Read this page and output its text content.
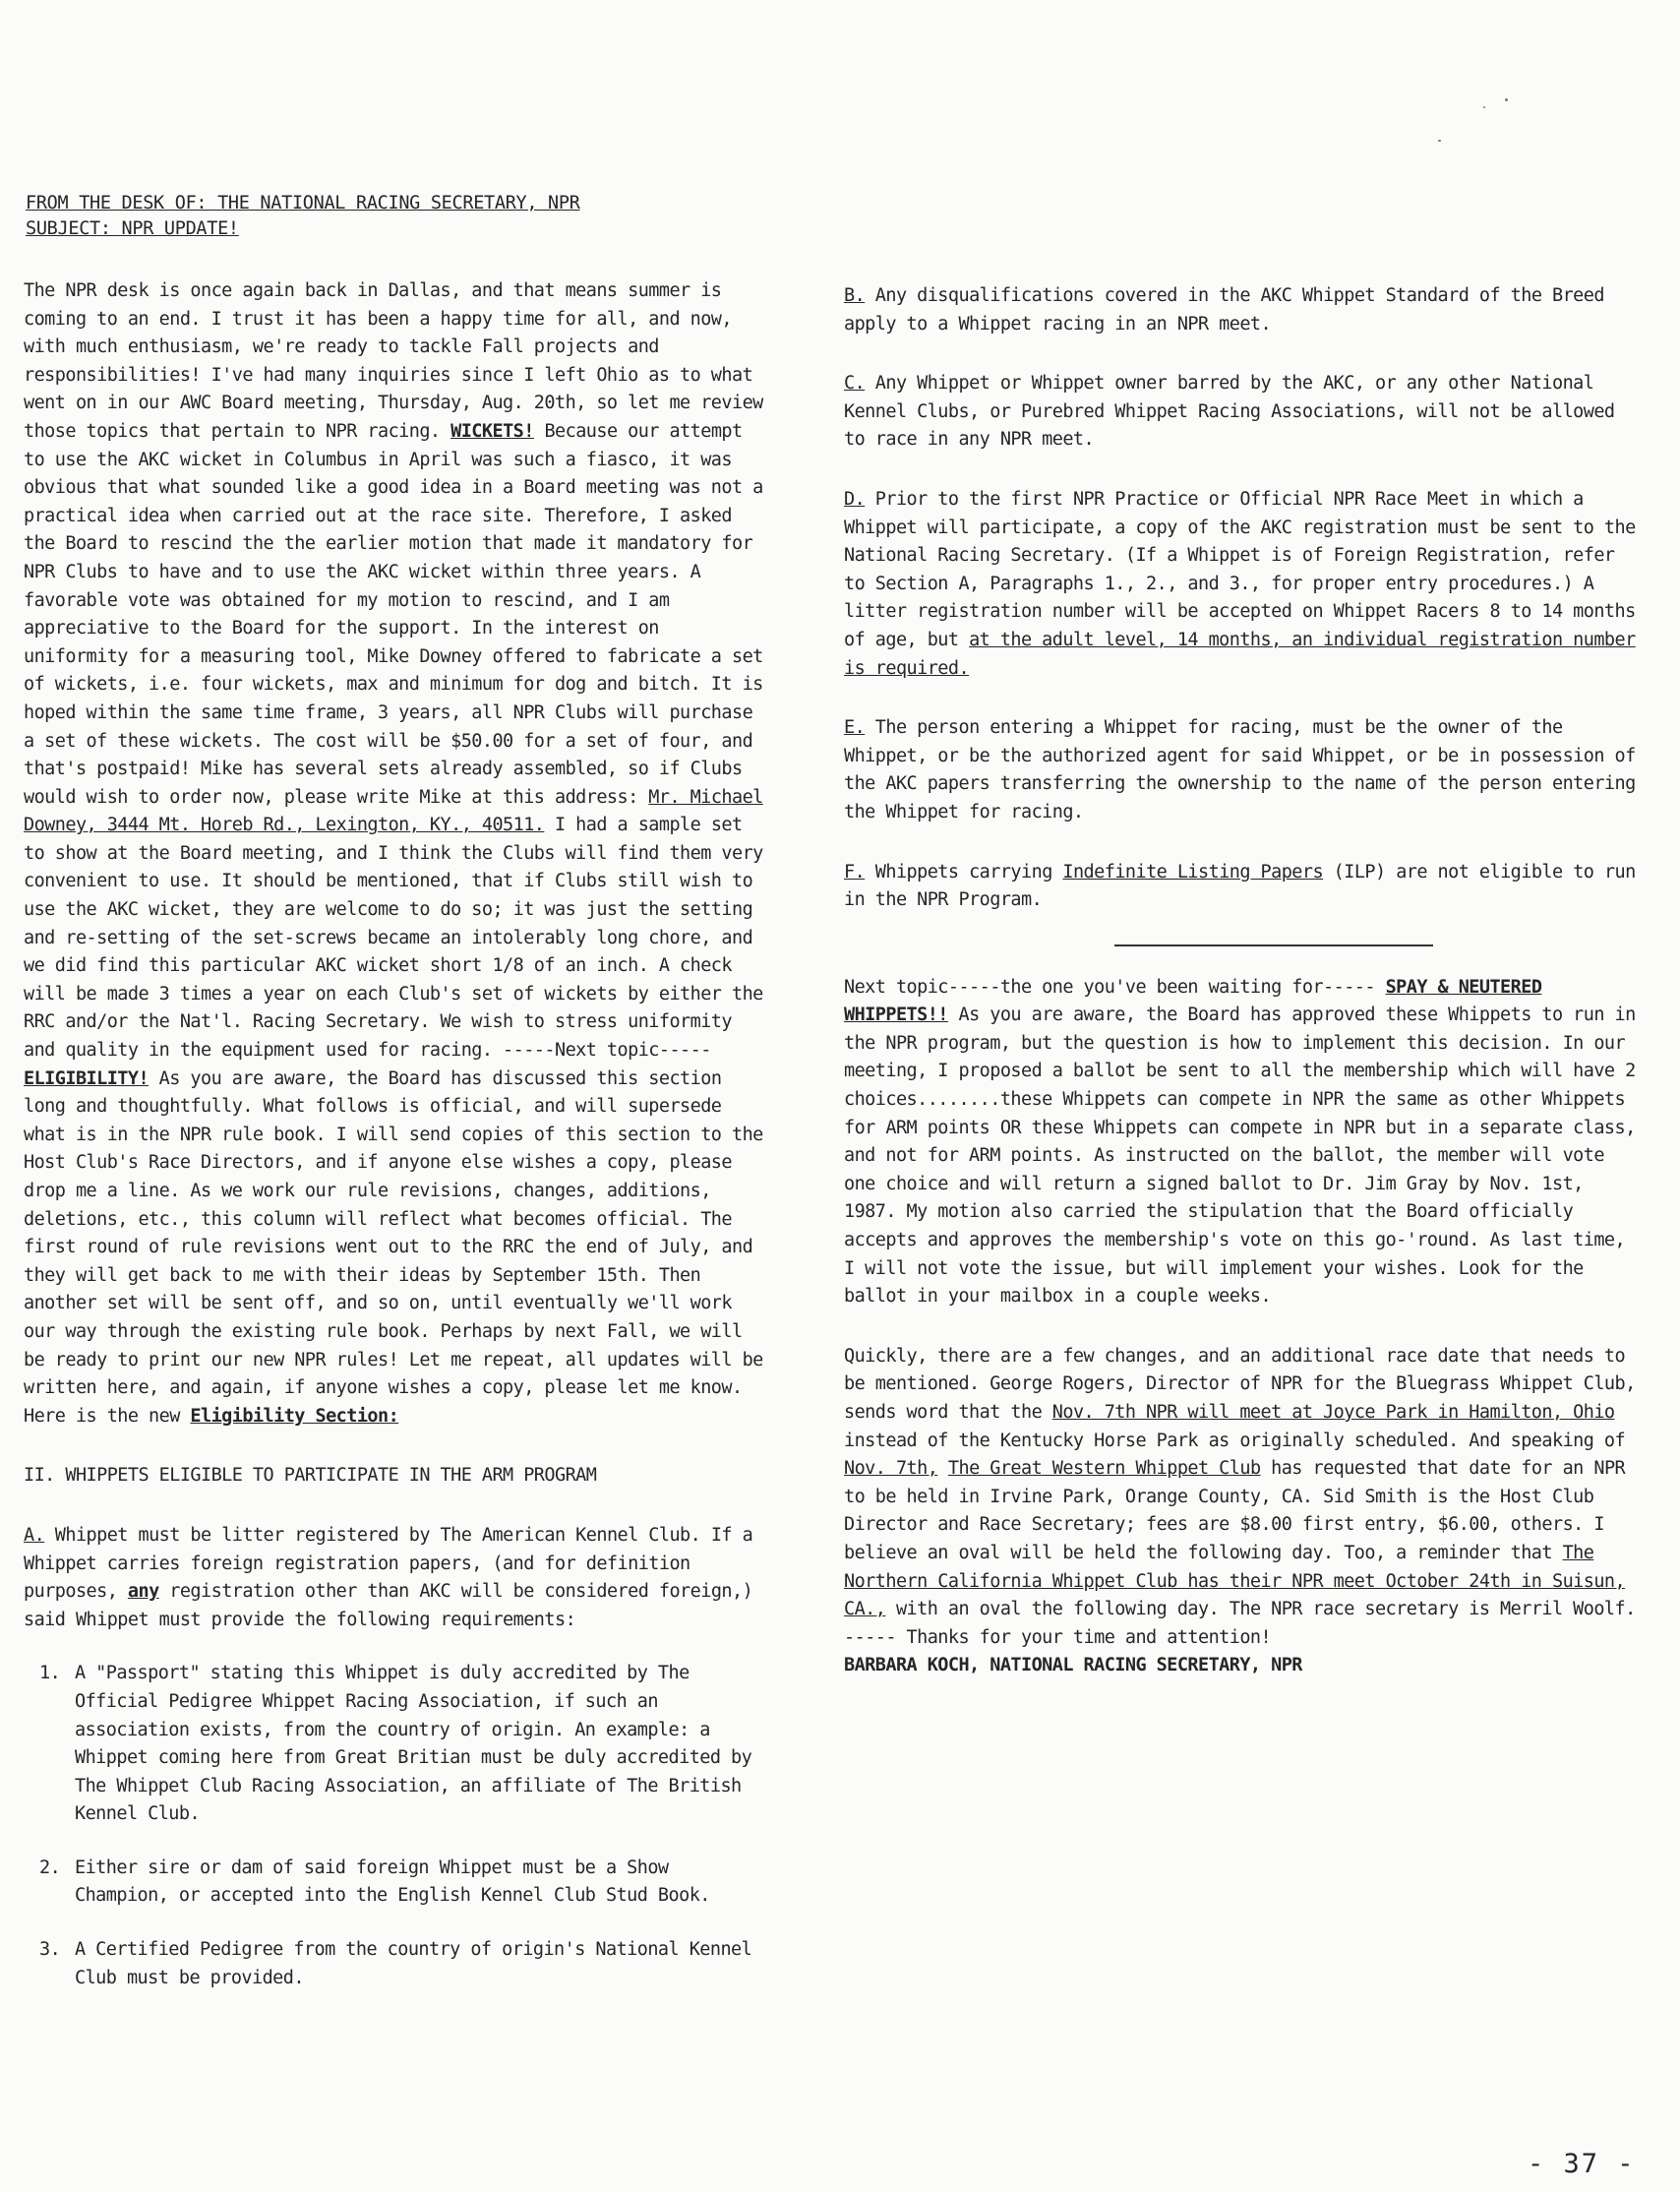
FROM THE DESK OF: THE NATIONAL RACING SECRETARY, NPR
SUBJECT: NPR UPDATE!

The NPR desk is once again back in Dallas, and that means summer is coming to an end. I trust it has been a happy time for all, and now, with much enthusiasm, we're ready to tackle Fall projects and responsibilities! I've had many inquiries since I left Ohio as to what went on in our AWC Board meeting, Thursday, Aug. 20th, so let me review those topics that pertain to NPR racing. WICKETS! Because our attempt to use the AKC wicket in Columbus in April was such a fiasco, it was obvious that what sounded like a good idea in a Board meeting was not a practical idea when carried out at the race site. Therefore, I asked the Board to rescind the the earlier motion that made it mandatory for NPR Clubs to have and to use the AKC wicket within three years. A favorable vote was obtained for my motion to rescind, and I am appreciative to the Board for the support. In the interest on uniformity for a measuring tool, Mike Downey offered to fabricate a set of wickets, i.e. four wickets, max and minimum for dog and bitch. It is hoped within the same time frame, 3 years, all NPR Clubs will purchase a set of these wickets. The cost will be $50.00 for a set of four, and that's postpaid! Mike has several sets already assembled, so if Clubs would wish to order now, please write Mike at this address: Mr. Michael Downey, 3444 Mt. Horeb Rd., Lexington, KY., 40511. I had a sample set to show at the Board meeting, and I think the Clubs will find them very convenient to use. It should be mentioned, that if Clubs still wish to use the AKC wicket, they are welcome to do so; it was just the setting and re-setting of the set-screws became an intolerably long chore, and we did find this particular AKC wicket short 1/8 of an inch. A check will be made 3 times a year on each Club's set of wickets by either the RRC and/or the Nat'l. Racing Secretary. We wish to stress uniformity and quality in the equipment used for racing. -----Next topic----- ELIGIBILITY! As you are aware, the Board has discussed this section long and thoughtfully. What follows is official, and will supersede what is in the NPR rule book. I will send copies of this section to the Host Club's Race Directors, and if anyone else wishes a copy, please drop me a line. As we work our rule revisions, changes, additions, deletions, etc., this column will reflect what becomes official. The first round of rule revisions went out to the RRC the end of July, and they will get back to me with their ideas by September 15th. Then another set will be sent off, and so on, until eventually we'll work our way through the existing rule book. Perhaps by next Fall, we will be ready to print our new NPR rules! Let me repeat, all updates will be written here, and again, if anyone wishes a copy, please let me know. Here is the new Eligibility Section:

II. WHIPPETS ELIGIBLE TO PARTICIPATE IN THE ARM PROGRAM

A. Whippet must be litter registered by The American Kennel Club. If a Whippet carries foreign registration papers, (and for definition purposes, any registration other than AKC will be considered foreign,) said Whippet must provide the following requirements:

1. A "Passport" stating this Whippet is duly accredited by The Official Pedigree Whippet Racing Association, if such an association exists, from the country of origin. An example: a Whippet coming here from Great Britian must be duly accredited by The Whippet Club Racing Association, an affiliate of The British Kennel Club.
2. Either sire or dam of said foreign Whippet must be a Show Champion, or accepted into the English Kennel Club Stud Book.
3. A Certified Pedigree from the country of origin's National Kennel Club must be provided.

B. Any disqualifications covered in the AKC Whippet Standard of the Breed apply to a Whippet racing in an NPR meet.

C. Any Whippet or Whippet owner barred by the AKC, or any other National Kennel Clubs, or Purebred Whippet Racing Associations, will not be allowed to race in any NPR meet.

D. Prior to the first NPR Practice or Official NPR Race Meet in which a Whippet will participate, a copy of the AKC registration must be sent to the National Racing Secretary. (If a Whippet is of Foreign Registration, refer to Section A, Paragraphs 1., 2., and 3., for proper entry procedures.) A litter registration number will be accepted on Whippet Racers 8 to 14 months of age, but at the adult level, 14 months, an individual registration number is required.

E. The person entering a Whippet for racing, must be the owner of the Whippet, or be the authorized agent for said Whippet, or be in possession of the AKC papers transferring the ownership to the name of the person entering the Whippet for racing.

F. Whippets carrying Indefinite Listing Papers (ILP) are not eligible to run in the NPR Program.

Next topic-----the one you've been waiting for----- SPAY & NEUTERED WHIPPETS!! As you are aware, the Board has approved these Whippets to run in the NPR program, but the question is how to implement this decision. In our meeting, I proposed a ballot be sent to all the membership which will have 2 choices........these Whippets can compete in NPR the same as other Whippets for ARM points OR these Whippets can compete in NPR but in a separate class, and not for ARM points. As instructed on the ballot, the member will vote one choice and will return a signed ballot to Dr. Jim Gray by Nov. 1st, 1987. My motion also carried the stipulation that the Board officially accepts and approves the membership's vote on this go-'round. As last time, I will not vote the issue, but will implement your wishes. Look for the ballot in your mailbox in a couple weeks.

Quickly, there are a few changes, and an additional race date that needs to be mentioned. George Rogers, Director of NPR for the Bluegrass Whippet Club, sends word that the Nov. 7th NPR will meet at Joyce Park in Hamilton, Ohio instead of the Kentucky Horse Park as originally scheduled. And speaking of Nov. 7th, The Great Western Whippet Club has requested that date for an NPR to be held in Irvine Park, Orange County, CA. Sid Smith is the Host Club Director and Race Secretary; fees are $8.00 first entry, $6.00, others. I believe an oval will be held the following day. Too, a reminder that The Northern California Whippet Club has their NPR meet October 24th in Suisun, CA., with an oval the following day. The NPR race secretary is Merril Woolf. ----- Thanks for your time and attention!

BARBARA KOCH, NATIONAL RACING SECRETARY, NPR

- 37 -
